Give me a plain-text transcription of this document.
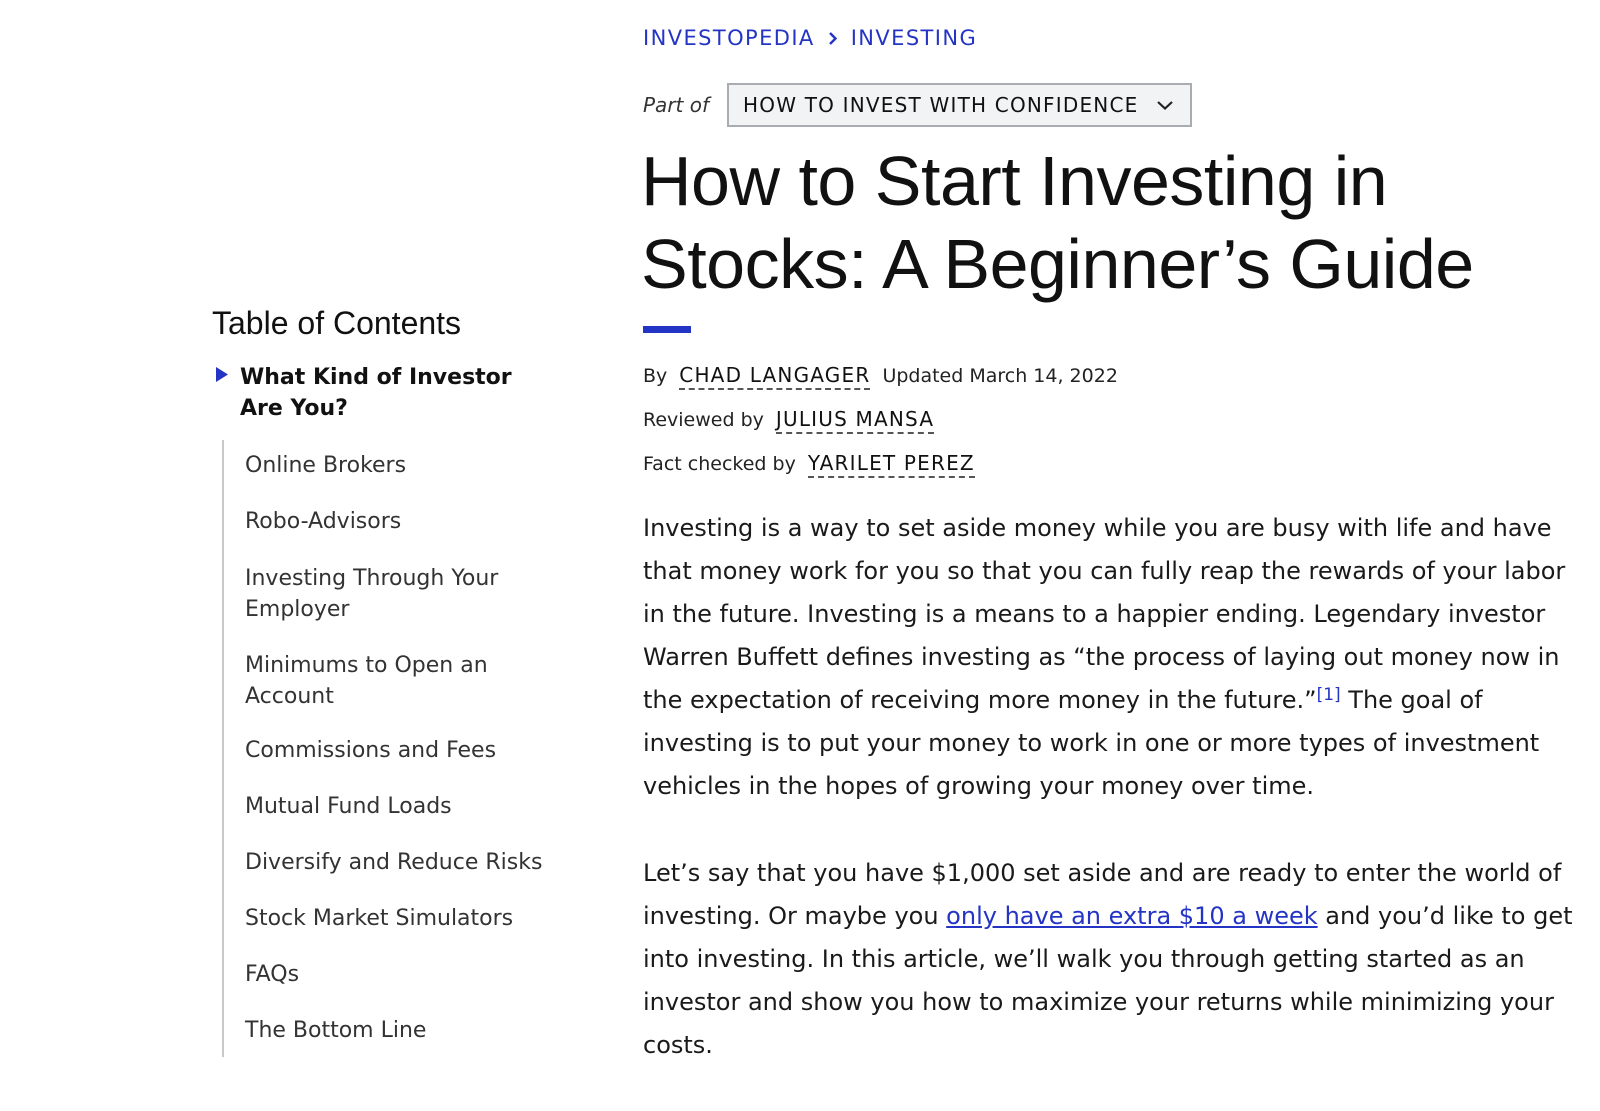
INVESTOPEDIA INVESTING
Part of HOW TO INVEST WITH CONFIDENCE
How to Start Investing in
Stocks: A Beginner’s Guide
By CHAD LANGAGER Updated March 14, 2022
Reviewed by JULIUS MANSA
Fact checked by YARILET PEREZ

Investing is a way to set aside money while you are busy with life and have that money work for you so that you can fully reap the rewards of your labor in the future. Investing is a means to a happier ending. Legendary investor Warren Buffett defines investing as “the process of laying out money now in the expectation of receiving more money in the future.”[1] The goal of investing is to put your money to work in one or more types of investment vehicles in the hopes of growing your money over time.

Let’s say that you have $1,000 set aside and are ready to enter the world of investing. Or maybe you only have an extra $10 a week and you’d like to get into investing. In this article, we’ll walk you through getting started as an investor and show you how to maximize your returns while minimizing your costs.

Table of Contents
What Kind of Investor Are You?
Online Brokers
Robo-Advisors
Investing Through Your Employer
Minimums to Open an Account
Commissions and Fees
Mutual Fund Loads
Diversify and Reduce Risks
Stock Market Simulators
FAQs
The Bottom Line
